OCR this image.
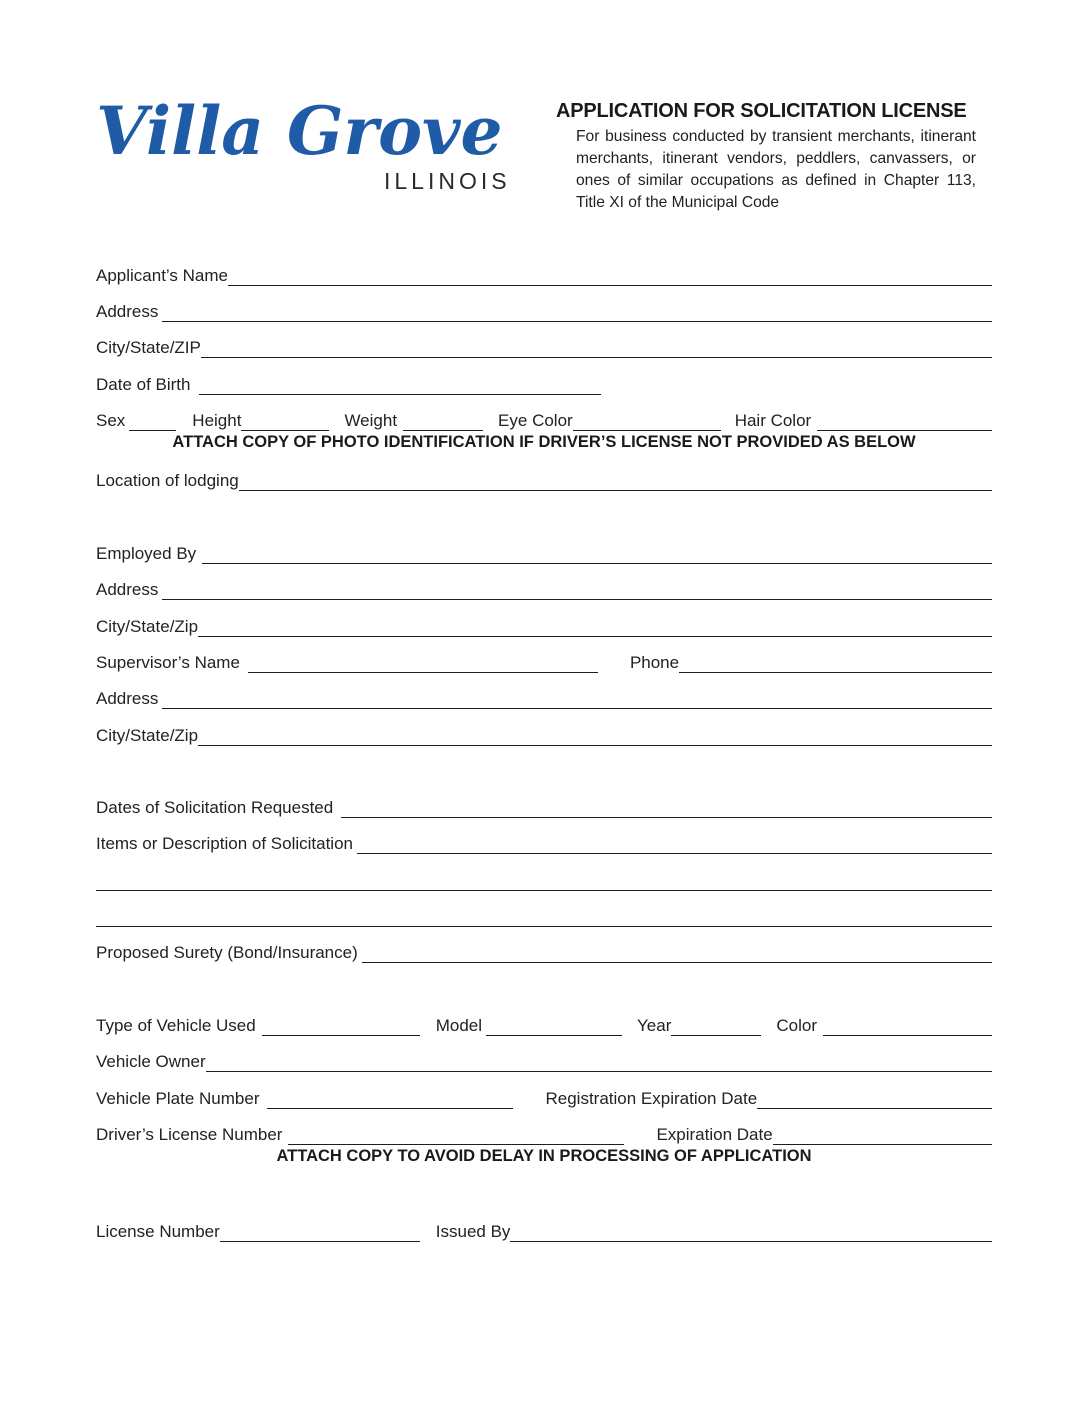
Villa Grove
ILLINOIS
APPLICATION FOR SOLICITATION LICENSE
For business conducted by transient merchants, itinerant merchants, itinerant vendors, peddlers, canvassers, or ones of similar occupations as defined in Chapter 113, Title XI of the Municipal Code
Applicant’s Name
Address
City/State/ZIP
Date of Birth
Sex	Height	Weight	Eye Color	Hair Color
ATTACH COPY OF PHOTO IDENTIFICATION IF DRIVER’S LICENSE NOT PROVIDED AS BELOW
Location of lodging
Employed By
Address
City/State/Zip
Supervisor’s Name	Phone
Address
City/State/Zip
Dates of Solicitation Requested
Items or Description of Solicitation
Proposed Surety (Bond/Insurance)
Type of Vehicle Used	Model	Year	Color
Vehicle Owner
Vehicle Plate Number	Registration Expiration Date
Driver’s License Number	Expiration Date
ATTACH COPY TO AVOID DELAY IN PROCESSING OF APPLICATION
License Number	Issued By
